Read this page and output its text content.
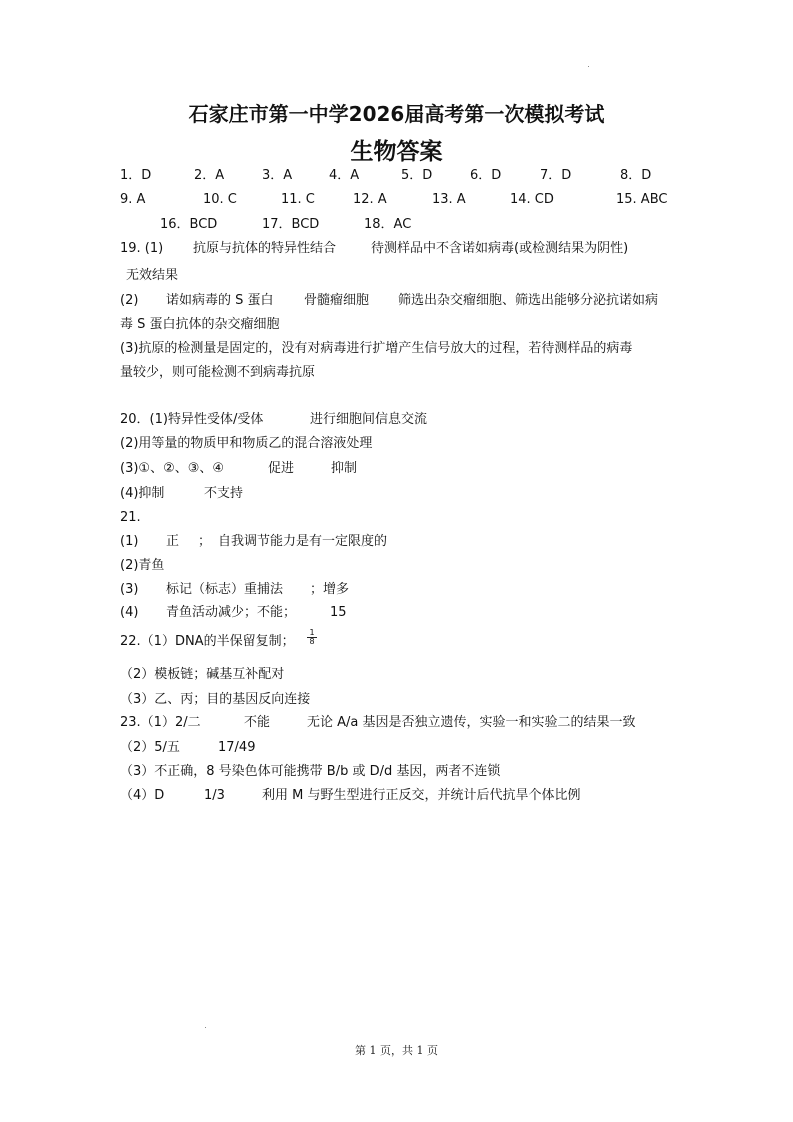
石家庄市第一中学2026届高考第一次模拟考试
生物答案
1．D	2．A	3．A	4．A	5．D	6．D	7．D	8．D
9. A	10. C	11. C	12. A	13. A	14. CD	15. ABC
16．BCD	17．BCD	18．AC
19. (1) 抗原与抗体的特异性结合	待测样品中不含诺如病毒(或检测结果为阴性)
无效结果
(2) 诺如病毒的 S 蛋白 骨髓瘤细胞 筛选出杂交瘤细胞、筛选出能够分泌抗诺如病
毒 S 蛋白抗体的杂交瘤细胞
(3)抗原的检测量是固定的，没有对病毒进行扩增产生信号放大的过程，若待测样品的病毒
量较少，则可能检测不到病毒抗原
20．(1)特异性受体/受体	进行细胞间信息交流
(2)用等量的物质甲和物质乙的混合溶液处理
(3)①、②、③、④	促进	抑制
(4)抑制	不支持
21.
(1) 正 ； 自我调节能力是有一定限度的
(2)青鱼
(3) 标记（标志）重捕法 ；增多
(4) 青鱼活动减少；不能；	15
22.（1）DNA的半保留复制； $\frac{1}{8}$
（2）模板链；碱基互补配对
（3）乙、丙；目的基因反向连接
23.（1）2/二	不能	无论 A/a 基因是否独立遗传，实验一和实验二的结果一致
（2）5/五	17/49
（3）不正确，8 号染色体可能携带 B/b 或 D/d 基因，两者不连锁
（4）D	1/3	利用 M 与野生型进行正反交，并统计后代抗旱个体比例
第 1 页，共 1 页
